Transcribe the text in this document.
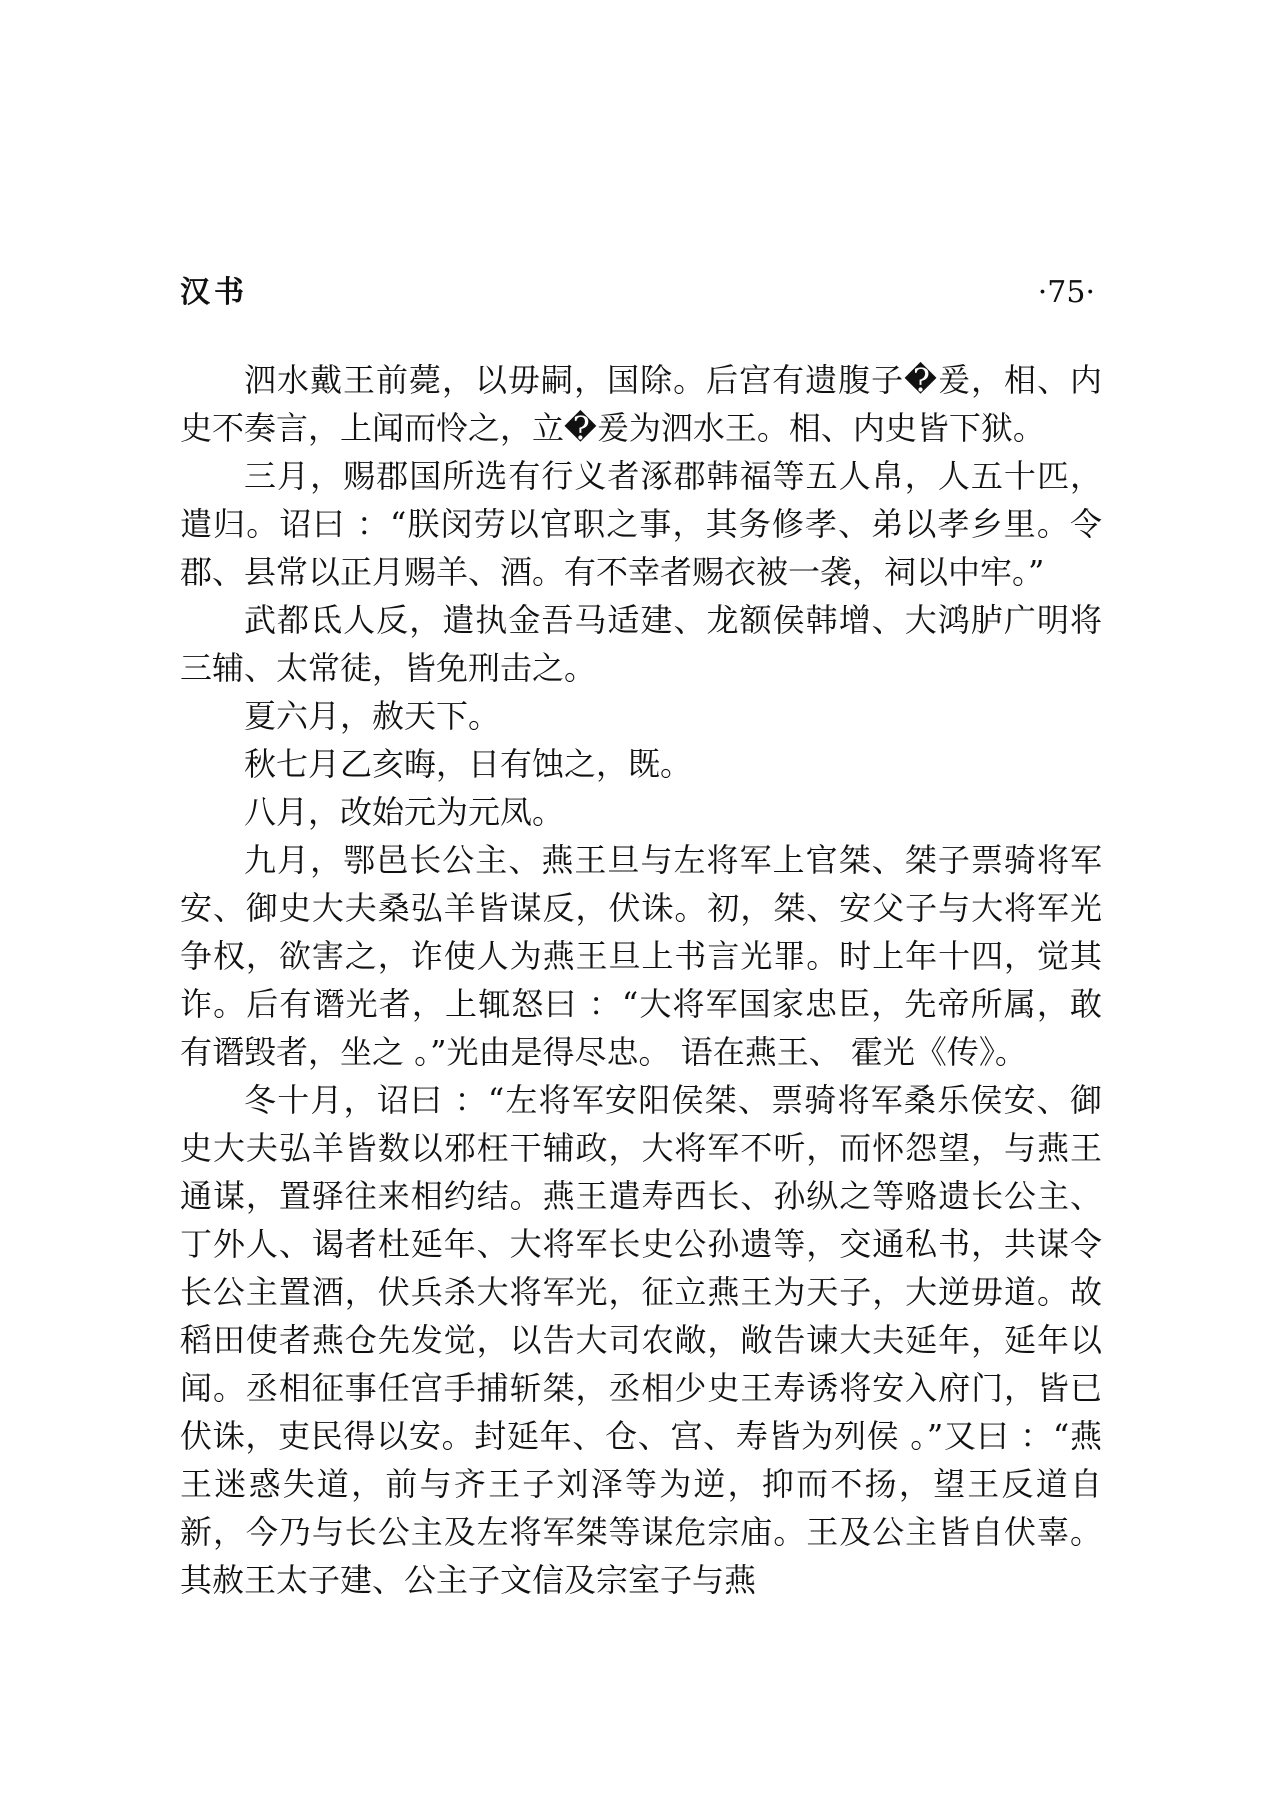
汉书	·75·

泗水戴王前薨，以毋嗣，国除。后宫有遗腹子�爰，相、内史不奏言，上闻而怜之，立�爰为泗水王。相、内史皆下狱。

三月，赐郡国所选有行义者涿郡韩福等五人帛，人五十匹，遣归。诏曰 ：“朕闵劳以官职之事，其务修孝、弟以孝乡里。令郡、县常以正月赐羊、酒。有不幸者赐衣被一袭，祠以中牢。”

武都氐人反，遣执金吾马适建、龙额侯韩增、大鸿胪广明将三辅、太常徒，皆免刑击之。

夏六月，赦天下。

秋七月乙亥晦，日有蚀之，既。

八月，改始元为元凤。

九月，鄂邑长公主、燕王旦与左将军上官桀、桀子票骑将军安、御史大夫桑弘羊皆谋反，伏诛。初，桀、安父子与大将军光争权，欲害之，诈使人为燕王旦上书言光罪。时上年十四，觉其诈。后有谮光者，上辄怒曰 ：“大将军国家忠臣，先帝所属，敢有谮毁者，坐之 。”光由是得尽忠。 语在燕王、 霍光《传》。

冬十月，诏曰 ：“左将军安阳侯桀、票骑将军桑乐侯安、御史大夫弘羊皆数以邪枉干辅政，大将军不听，而怀怨望，与燕王通谋，置驿往来相约结。燕王遣寿西长、孙纵之等赂遗长公主、丁外人、谒者杜延年、大将军长史公孙遗等，交通私书，共谋令长公主置酒，伏兵杀大将军光，征立燕王为天子，大逆毋道。故稻田使者燕仓先发觉，以告大司农敞，敞告谏大夫延年，延年以闻。丞相征事任宫手捕斩桀，丞相少史王寿诱将安入府门，皆已伏诛，吏民得以安。封延年、仓、宫、寿皆为列侯 。”又曰 ：“燕王迷惑失道，前与齐王子刘泽等为逆，抑而不扬，望王反道自新，今乃与长公主及左将军桀等谋危宗庙。王及公主皆自伏辜。其赦王太子建、公主子文信及宗室子与燕
